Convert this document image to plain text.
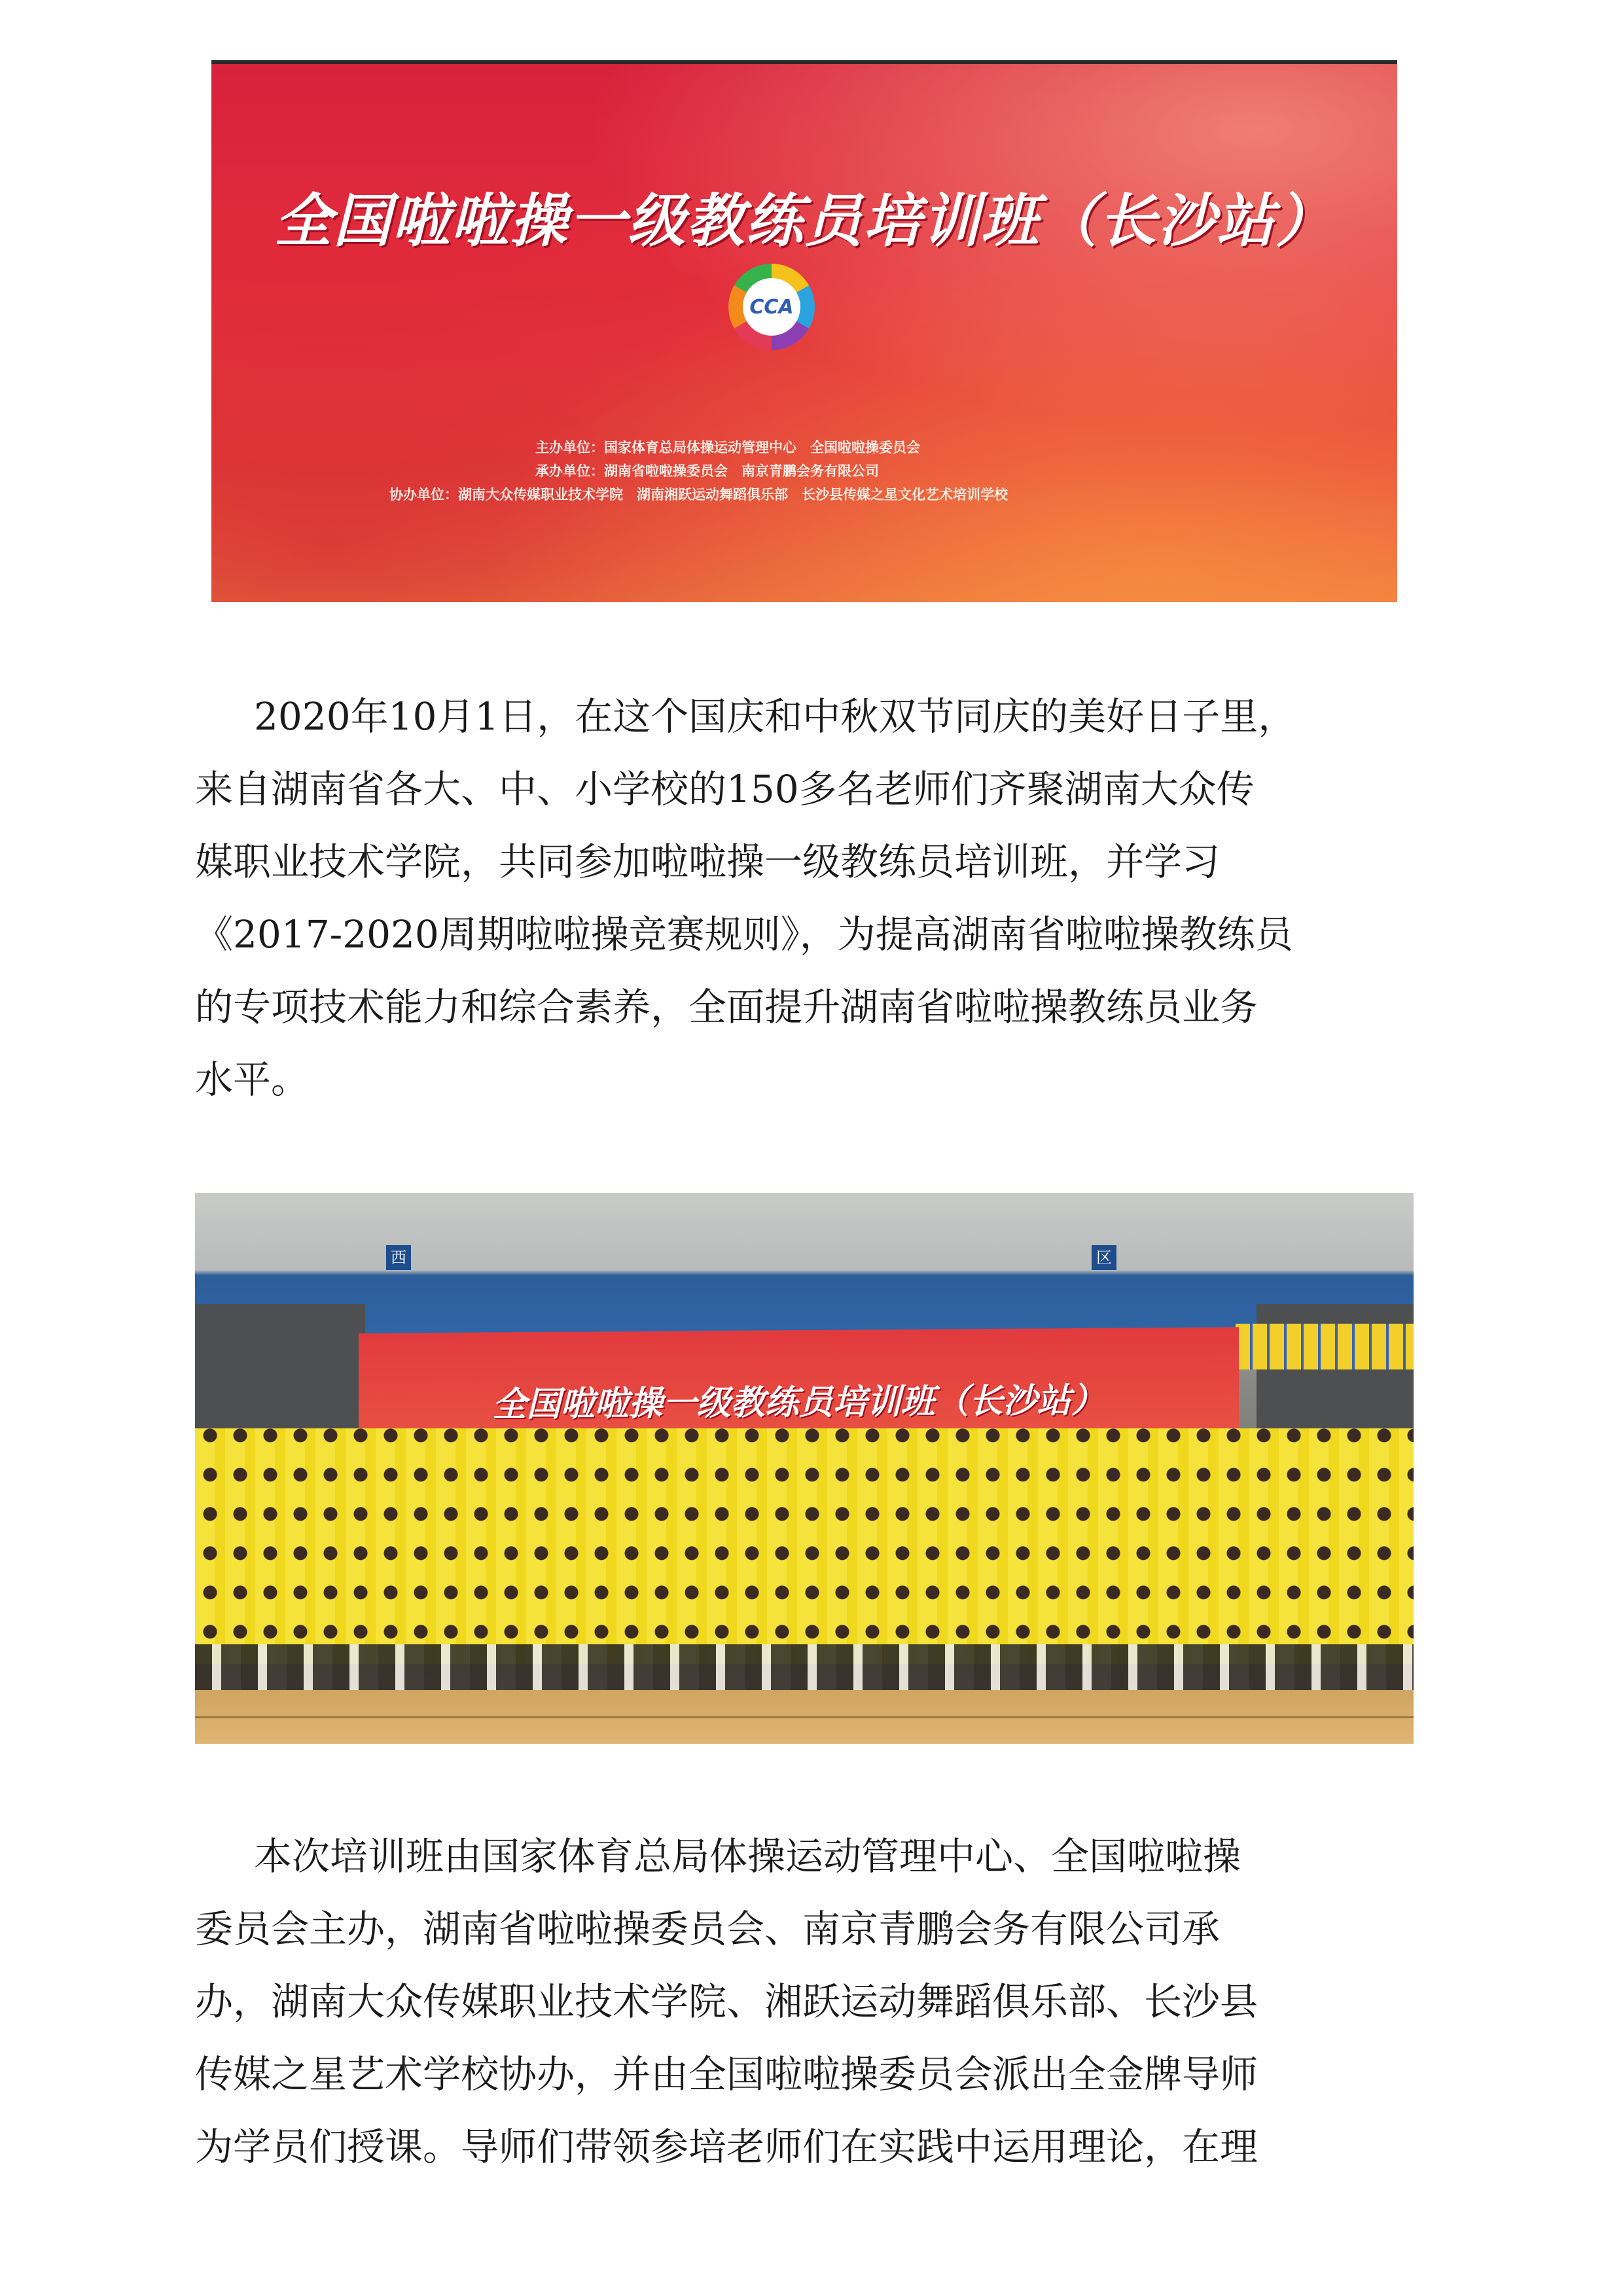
全国啦啦操一级教练员培训班（长沙站）
CCA
主办单位：国家体育总局体操运动管理中心　全国啦啦操委员会
承办单位：湖南省啦啦操委员会　南京青鹏会务有限公司
协办单位：湖南大众传媒职业技术学院　湖南湘跃运动舞蹈俱乐部　长沙县传媒之星文化艺术培训学校
2020年10月1日，在这个国庆和中秋双节同庆的美好日子里，
来自湖南省各大、中、小学校的150多名老师们齐聚湖南大众传
媒职业技术学院，共同参加啦啦操一级教练员培训班，并学习
《2017-2020周期啦啦操竞赛规则》，为提高湖南省啦啦操教练员
的专项技术能力和综合素养，全面提升湖南省啦啦操教练员业务
水平。
西	区
全国啦啦操一级教练员培训班（长沙站）
本次培训班由国家体育总局体操运动管理中心、全国啦啦操
委员会主办，湖南省啦啦操委员会、南京青鹏会务有限公司承
办，湖南大众传媒职业技术学院、湘跃运动舞蹈俱乐部、长沙县
传媒之星艺术学校协办，并由全国啦啦操委员会派出全金牌导师
为学员们授课。导师们带领参培老师们在实践中运用理论，在理
